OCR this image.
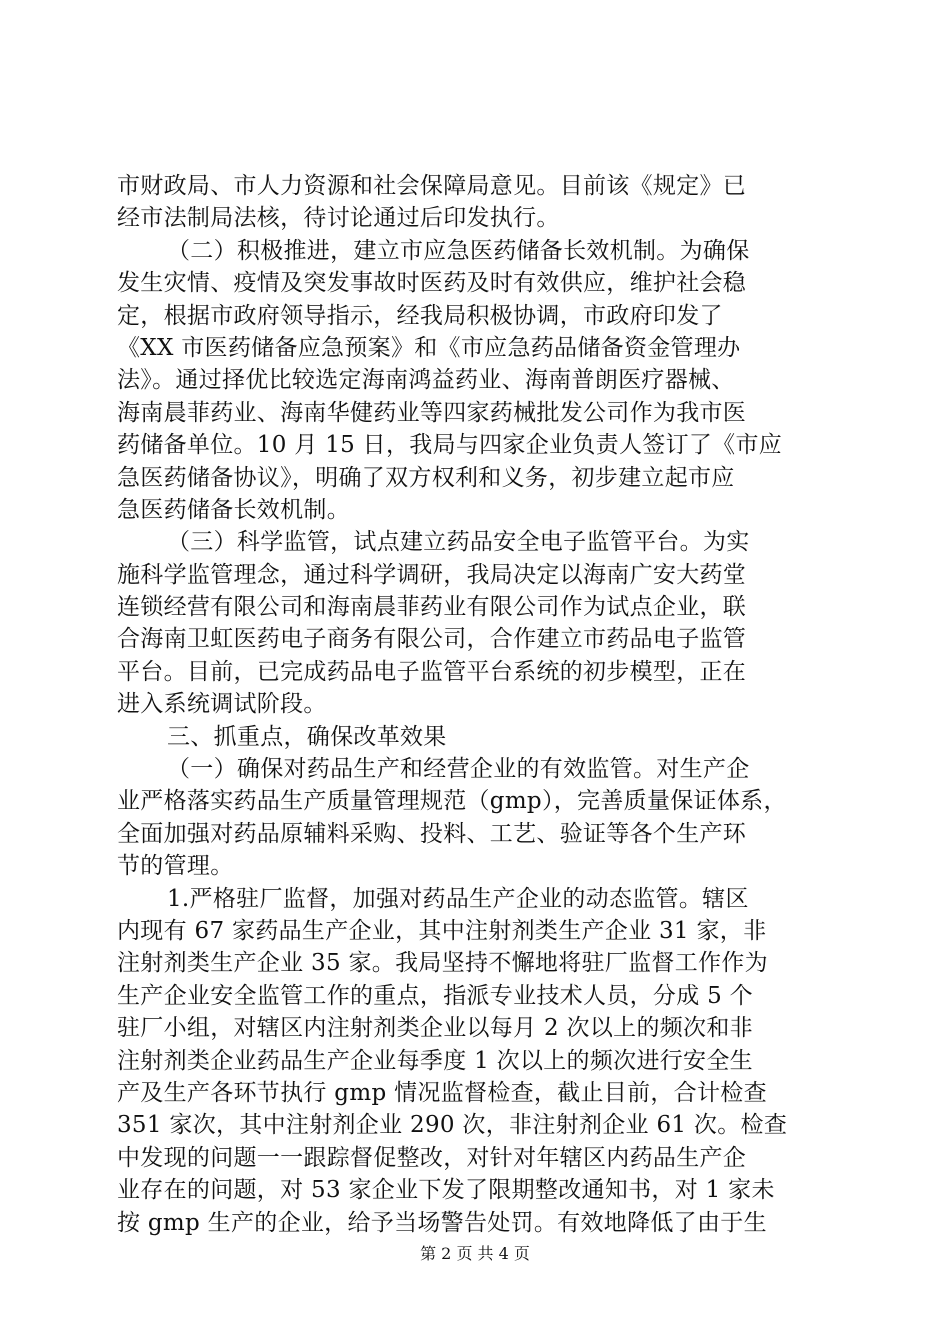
市财政局、市人力资源和社会保障局意见。目前该《规定》已
经市法制局法核，待讨论通过后印发执行。
（二）积极推进，建立市应急医药储备长效机制。为确保
发生灾情、疫情及突发事故时医药及时有效供应，维护社会稳
定，根据市政府领导指示，经我局积极协调，市政府印发了
《XX 市医药储备应急预案》和《市应急药品储备资金管理办
法》。通过择优比较选定海南鸿益药业、海南普朗医疗器械、
海南晨菲药业、海南华健药业等四家药械批发公司作为我市医
药储备单位。10 月 15 日，我局与四家企业负责人签订了《市应
急医药储备协议》，明确了双方权利和义务，初步建立起市应
急医药储备长效机制。
（三）科学监管，试点建立药品安全电子监管平台。为实
施科学监管理念，通过科学调研，我局决定以海南广安大药堂
连锁经营有限公司和海南晨菲药业有限公司作为试点企业，联
合海南卫虹医药电子商务有限公司，合作建立市药品电子监管
平台。目前，已完成药品电子监管平台系统的初步模型，正在
进入系统调试阶段。
三、抓重点，确保改革效果
（一）确保对药品生产和经营企业的有效监管。对生产企
业严格落实药品生产质量管理规范（gmp），完善质量保证体系，
全面加强对药品原辅料采购、投料、工艺、验证等各个生产环
节的管理。
1.严格驻厂监督，加强对药品生产企业的动态监管。辖区
内现有 67 家药品生产企业，其中注射剂类生产企业 31 家，非
注射剂类生产企业 35 家。我局坚持不懈地将驻厂监督工作作为
生产企业安全监管工作的重点，指派专业技术人员，分成 5 个
驻厂小组，对辖区内注射剂类企业以每月 2 次以上的频次和非
注射剂类企业药品生产企业每季度 1 次以上的频次进行安全生
产及生产各环节执行 gmp 情况监督检查，截止目前，合计检查
351 家次，其中注射剂企业 290 次，非注射剂企业 61 次。检查
中发现的问题一一跟踪督促整改，对针对年辖区内药品生产企
业存在的问题，对 53 家企业下发了限期整改通知书，对 1 家未
按 gmp 生产的企业，给予当场警告处罚。有效地降低了由于生
第 2 页 共 4 页
